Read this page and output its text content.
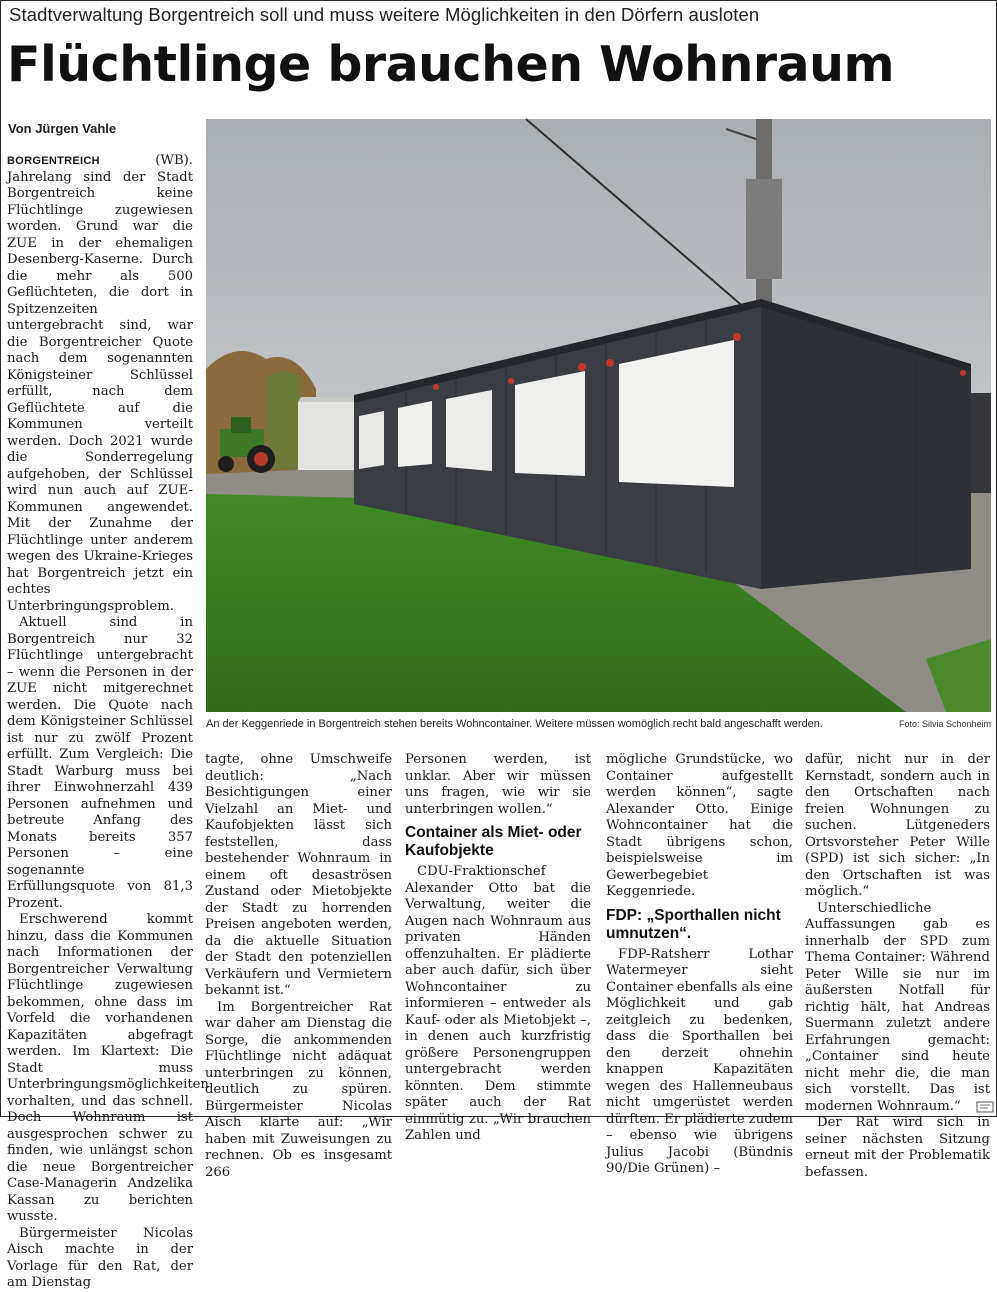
Stadtverwaltung Borgentreich soll und muss weitere Möglichkeiten in den Dörfern ausloten
Flüchtlinge brauchen Wohnraum
Von Jürgen Vahle

BORGENTREICH	(WB). Jahrelang sind der Stadt Borgentreich keine Flüchtlinge zugewiesen worden. Grund war die ZUE in der ehemaligen Desenberg-Kaserne. Durch die mehr als 500 Geflüchteten, die dort in Spitzenzeiten untergebracht sind, war die Borgentreicher Quote nach dem sogenannten Königsteiner Schlüssel erfüllt, nach dem Geflüchtete auf die Kommunen verteilt werden. Doch 2021 wurde die Sonderregelung aufgehoben, der Schlüssel wird nun auch auf ZUE-Kommunen angewendet. Mit der Zunahme der Flüchtlinge unter anderem wegen des Ukraine-Krieges hat Borgentreich jetzt ein echtes Unterbringungsproblem.

Aktuell sind in Borgentreich nur 32 Flüchtlinge untergebracht – wenn die Personen in der ZUE nicht mitgerechnet werden. Die Quote nach dem Königsteiner Schlüssel ist nur zu zwölf Prozent erfüllt. Zum Vergleich: Die Stadt Warburg muss bei ihrer Einwohnerzahl 439 Personen aufnehmen und betreute Anfang des Monats bereits 357 Personen – eine sogenannte Erfüllungsquote von 81,3 Prozent.

Erschwerend kommt hinzu, dass die Kommunen nach Informationen der Borgentreicher Verwaltung Flüchtlinge zugewiesen bekommen, ohne dass im Vorfeld die vorhandenen Kapazitäten abgefragt werden. Im Klartext: Die Stadt muss Unterbringungsmöglichkeiten vorhalten, und das schnell. Doch Wohnraum ist ausgesprochen schwer zu finden, wie unlängst schon die neue Borgentreicher Case-Managerin Andzelika Kassan zu berichten wusste.

Bürgermeister Nicolas Aisch machte in der Vorlage für den Rat, der am Dienstag

An der Keggenriede in Borgentreich stehen bereits Wohncontainer. Weitere müssen womöglich recht bald angeschafft werden.	Foto: Silvia Schonheim

tagte, ohne Umschweife deutlich: „Nach Besichtigungen einer Vielzahl an Miet- und Kaufobjekten lässt sich feststellen, dass bestehender Wohnraum in einem oft desaströsen Zustand oder Mietobjekte der Stadt zu horrenden Preisen angeboten werden, da die aktuelle Situation der Stadt den potenziellen Verkäufern und Vermietern bekannt ist.“

Im Borgentreicher Rat war daher am Dienstag die Sorge, die ankommenden Flüchtlinge nicht adäquat unterbringen zu können, deutlich zu spüren. Bürgermeister Nicolas Aisch klärte auf: „Wir haben mit Zuweisungen zu rechnen. Ob es insgesamt 266

Personen werden, ist unklar. Aber wir müssen uns fragen, wie wir sie unterbringen wollen.“

Container als Miet- oder Kaufobjekte

CDU-Fraktionschef Alexander Otto bat die Verwaltung, weiter die Augen nach Wohnraum aus privaten Händen offenzuhalten. Er plädierte aber auch dafür, sich über Wohncontainer zu informieren – entweder als Kauf- oder als Mietobjekt –, in denen auch kurzfristig größere Personengruppen untergebracht werden könnten. Dem stimmte später auch der Rat einmütig zu. „Wir brauchen Zahlen und

mögliche Grundstücke, wo Container aufgestellt werden können“, sagte Alexander Otto. Einige Wohncontainer hat die Stadt übrigens schon, beispielsweise im Gewerbegebiet Keggenriede.

FDP: „Sporthallen nicht umnutzen“.

FDP-Ratsherr Lothar Watermeyer sieht Container ebenfalls als eine Möglichkeit und gab zeitgleich zu bedenken, dass die Sporthallen bei den derzeit ohnehin knappen Kapazitäten wegen des Hallenneubaus nicht umgerüstet werden dürften. Er plädierte zudem – ebenso wie übrigens Julius Jacobi (Bündnis 90/Die Grünen) –

dafür, nicht nur in der Kernstadt, sondern auch in den Ortschaften nach freien Wohnungen zu suchen. Lütgeneders Ortsvorsteher Peter Wille (SPD) ist sich sicher: „In den Ortschaften ist was möglich.“

Unterschiedliche Auffassungen gab es innerhalb der SPD zum Thema Container: Während Peter Wille sie nur im äußersten Notfall für richtig hält, hat Andreas Suermann zuletzt andere Erfahrungen gemacht: „Container sind heute nicht mehr die, die man sich vorstellt. Das ist modernen Wohnraum.“

Der Rat wird sich in seiner nächsten Sitzung erneut mit der Problematik befassen.
